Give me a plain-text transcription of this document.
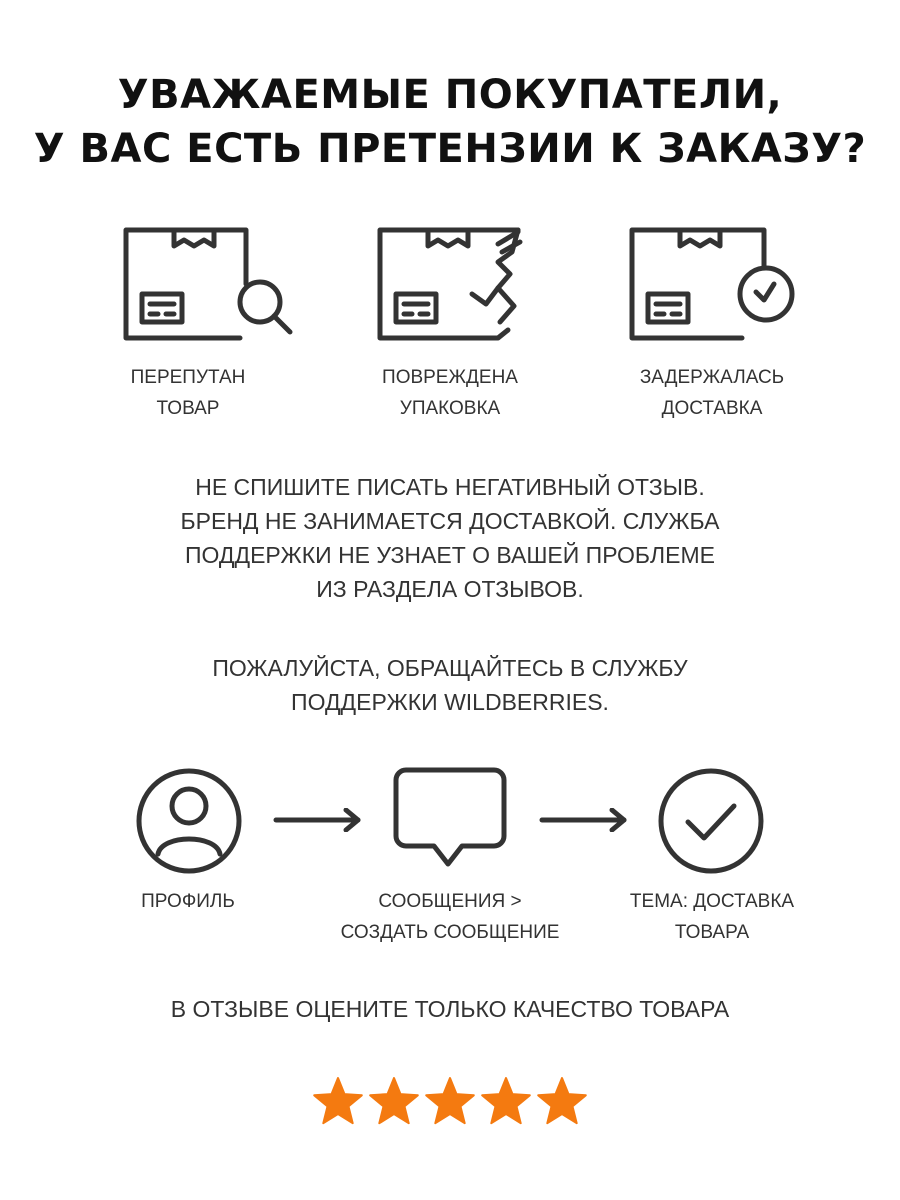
УВАЖАЕМЫЕ ПОКУПАТЕЛИ,
У ВАС ЕСТЬ ПРЕТЕНЗИИ К ЗАКАЗУ?
ПЕРЕПУТАН
ТОВАР
ПОВРЕЖДЕНА
УПАКОВКА
ЗАДЕРЖАЛАСЬ
ДОСТАВКА
НЕ СПИШИТЕ ПИСАТЬ НЕГАТИВНЫЙ ОТЗЫВ.
БРЕНД НЕ ЗАНИМАЕТСЯ ДОСТАВКОЙ. СЛУЖБА
ПОДДЕРЖКИ НЕ УЗНАЕТ О ВАШЕЙ ПРОБЛЕМЕ
ИЗ РАЗДЕЛА ОТЗЫВОВ.
ПОЖАЛУЙСТА, ОБРАЩАЙТЕСЬ В СЛУЖБУ
ПОДДЕРЖКИ WILDBERRIES.
ПРОФИЛЬ	СООБЩЕНИЯ >
СОЗДАТЬ СООБЩЕНИЕ
ТЕМА: ДОСТАВКА
ТОВАРА
В ОТЗЫВЕ ОЦЕНИТЕ ТОЛЬКО КАЧЕСТВО ТОВАРА
